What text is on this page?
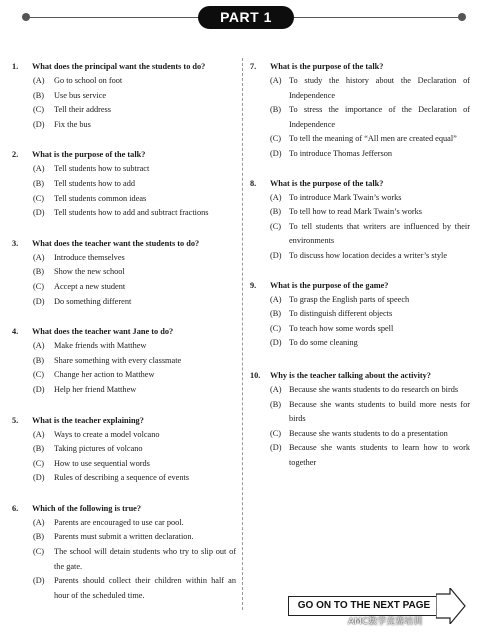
PART 1
1. What does the principal want the students to do?
(A) Go to school on foot
(B) Use bus service
(C) Tell their address
(D) Fix the bus
2. What is the purpose of the talk?
(A) Tell students how to subtract
(B) Tell students how to add
(C) Tell students common ideas
(D) Tell students how to add and subtract fractions
3. What does the teacher want the students to do?
(A) Introduce themselves
(B) Show the new school
(C) Accept a new student
(D) Do something different
4. What does the teacher want Jane to do?
(A) Make friends with Matthew
(B) Share something with every classmate
(C) Change her action to Matthew
(D) Help her friend Matthew
5. What is the teacher explaining?
(A) Ways to create a model volcano
(B) Taking pictures of volcano
(C) How to use sequential words
(D) Rules of describing a sequence of events
6. Which of the following is true?
(A) Parents are encouraged to use car pool.
(B) Parents must submit a written declaration.
(C) The school will detain students who try to slip out of the gate.
(D) Parents should collect their children within half an hour of the scheduled time.
7. What is the purpose of the talk?
(A) To study the history about the Declaration of Independence
(B) To stress the importance of the Declaration of Independence
(C) To tell the meaning of “All men are created equal”
(D) To introduce Thomas Jefferson
8. What is the purpose of the talk?
(A) To introduce Mark Twain’s works
(B) To tell how to read Mark Twain’s works
(C) To tell students that writers are influenced by their environments
(D) To discuss how location decides a writer’s style
9. What is the purpose of the game?
(A) To grasp the English parts of speech
(B) To distinguish different objects
(C) To teach how some words spell
(D) To do some cleaning
10. Why is the teacher talking about the activity?
(A) Because she wants students to do research on birds
(B) Because she wants students to build more nests for birds
(C) Because she wants students to do a presentation
(D) Because she wants students to learn how to work together
GO ON TO THE NEXT PAGE
AMC数学竞赛培训
